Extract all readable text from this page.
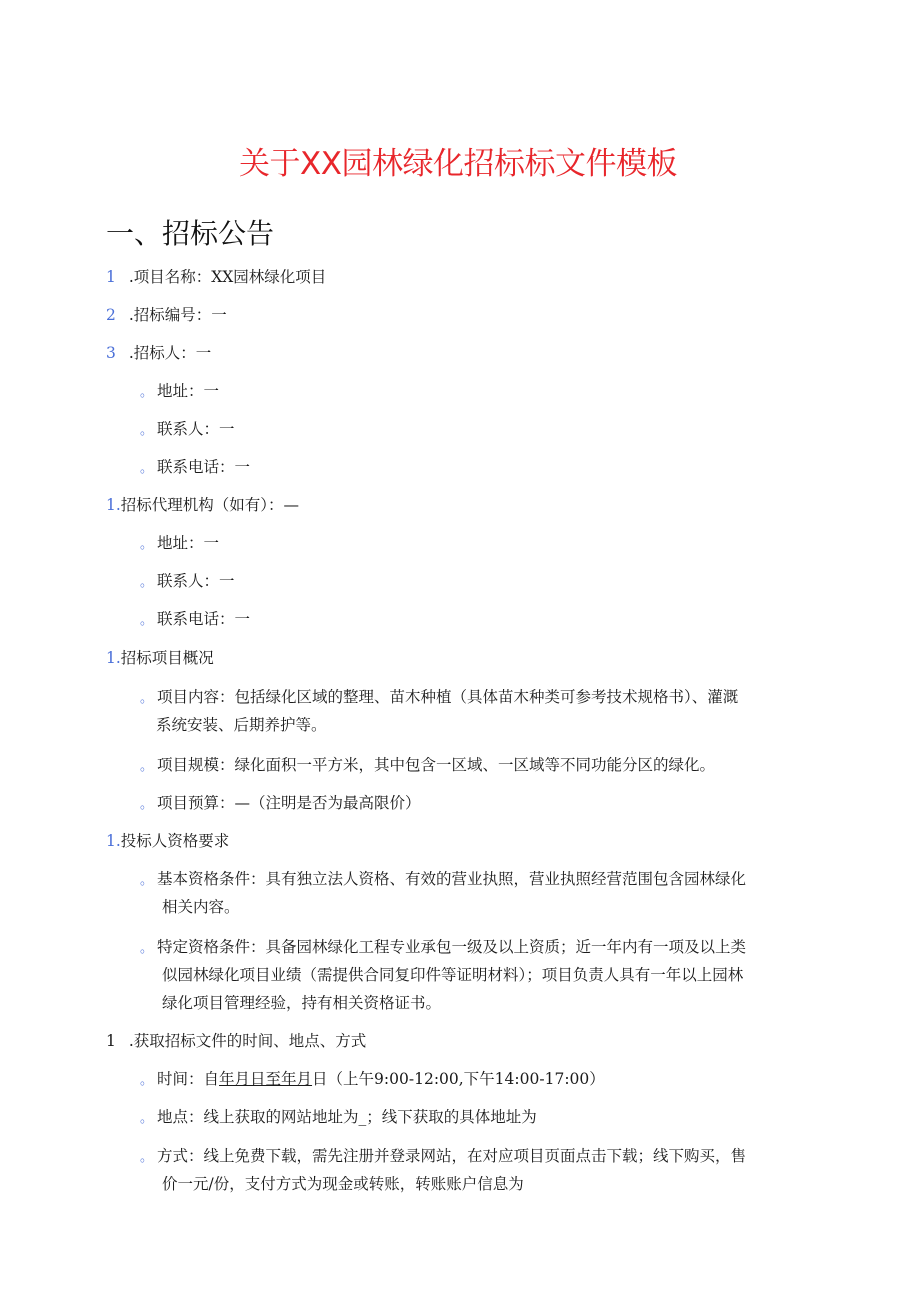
关于XX园林绿化招标标文件模板
一、招标公告
1 .项目名称：XX园林绿化项目
2 .招标编号：一
3 .招标人：一
。 地址：一
。 联系人：一
。 联系电话：一
1.招标代理机构（如有）：—
。 地址：一
。 联系人：一
。 联系电话：一
1.招标项目概况
。 项目内容：包括绿化区域的整理、苗木种植（具体苗木种类可参考技术规格书）、灌溉
系统安装、后期养护等。
。 项目规模：绿化面积一平方米，其中包含一区域、一区域等不同功能分区的绿化。
。 项目预算：—（注明是否为最高限价）
1.投标人资格要求
。 基本资格条件：具有独立法人资格、有效的营业执照，营业执照经营范围包含园林绿化
相关内容。
。 特定资格条件：具备园林绿化工程专业承包一级及以上资质；近一年内有一项及以上类
似园林绿化项目业绩（需提供合同复印件等证明材料）；项目负责人具有一年以上园林
绿化项目管理经验，持有相关资格证书。
1 .获取招标文件的时间、地点、方式
。 时间：自年月日至年月日（上午9:00-12:00,下午14:00-17:00）
。 地点：线上获取的网站地址为_；线下获取的具体地址为
。 方式：线上免费下载，需先注册并登录网站，在对应项目页面点击下载；线下购买，售
价一元/份，支付方式为现金或转账，转账账户信息为
